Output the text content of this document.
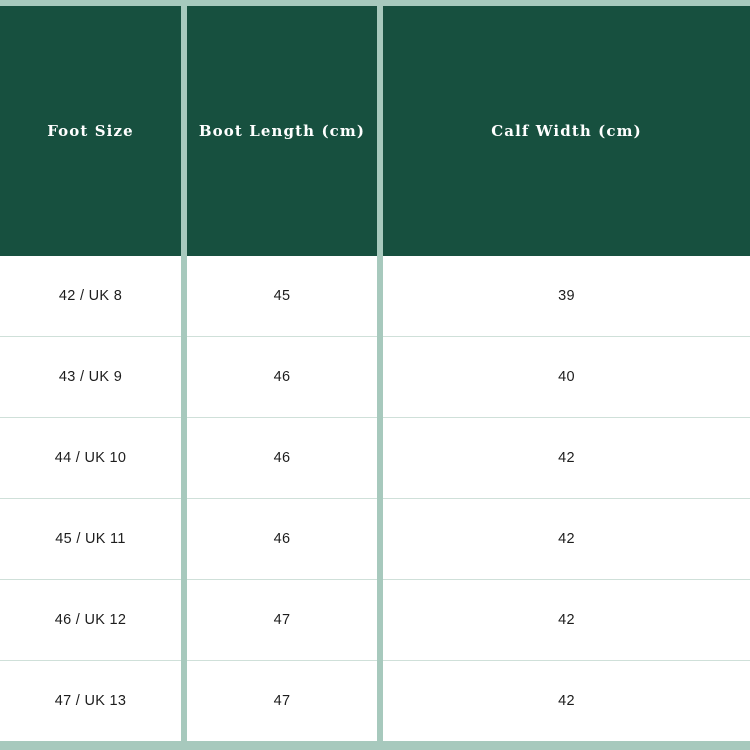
Foot Size	Boot Length (cm)	Calf Width (cm)
42 / UK 8	45	39
43 / UK 9	46	40
44 / UK 10	46	42
45 / UK 11	46	42
46 / UK 12	47	42
47 / UK 13	47	42
